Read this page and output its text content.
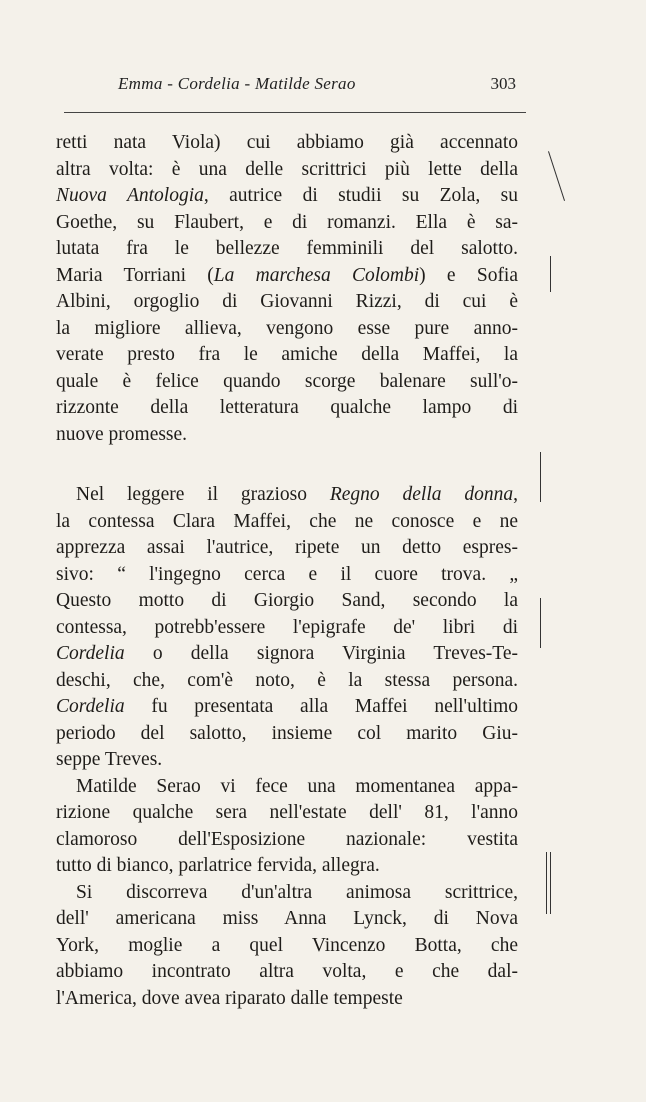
Emma - Cordelia - Matilde Serao	303
retti nata Viola) cui abbiamo già accennato
altra volta: è una delle scrittrici più lette della
Nuova Antologia, autrice di studii su Zola, su
Goethe, su Flaubert, e di romanzi. Ella è sa-
lutata fra le bellezze femminili del salotto.
Maria Torriani (La marchesa Colombi) e Sofia
Albini, orgoglio di Giovanni Rizzi, di cui è
la migliore allieva, vengono esse pure anno-
verate presto fra le amiche della Maffei, la
quale è felice quando scorge balenare sull'o-
rizzonte della letteratura qualche lampo di
nuove promesse.
Nel leggere il grazioso Regno della donna,
la contessa Clara Maffei, che ne conosce e ne
apprezza assai l'autrice, ripete un detto espres-
sivo: “ l'ingegno cerca e il cuore trova. „
Questo motto di Giorgio Sand, secondo la
contessa, potrebb'essere l'epigrafe de' libri di
Cordelia o della signora Virginia Treves-Te-
deschi, che, com'è noto, è la stessa persona.
Cordelia fu presentata alla Maffei nell'ultimo
periodo del salotto, insieme col marito Giu-
seppe Treves.
Matilde Serao vi fece una momentanea appa-
rizione qualche sera nell'estate dell' 81, l'anno
clamoroso dell'Esposizione nazionale: vestita
tutto di bianco, parlatrice fervida, allegra.
Si discorreva d'un'altra animosa scrittrice,
dell' americana miss Anna Lynck, di Nova
York, moglie a quel Vincenzo Botta, che
abbiamo incontrato altra volta, e che dal-
l'America, dove avea riparato dalle tempeste
